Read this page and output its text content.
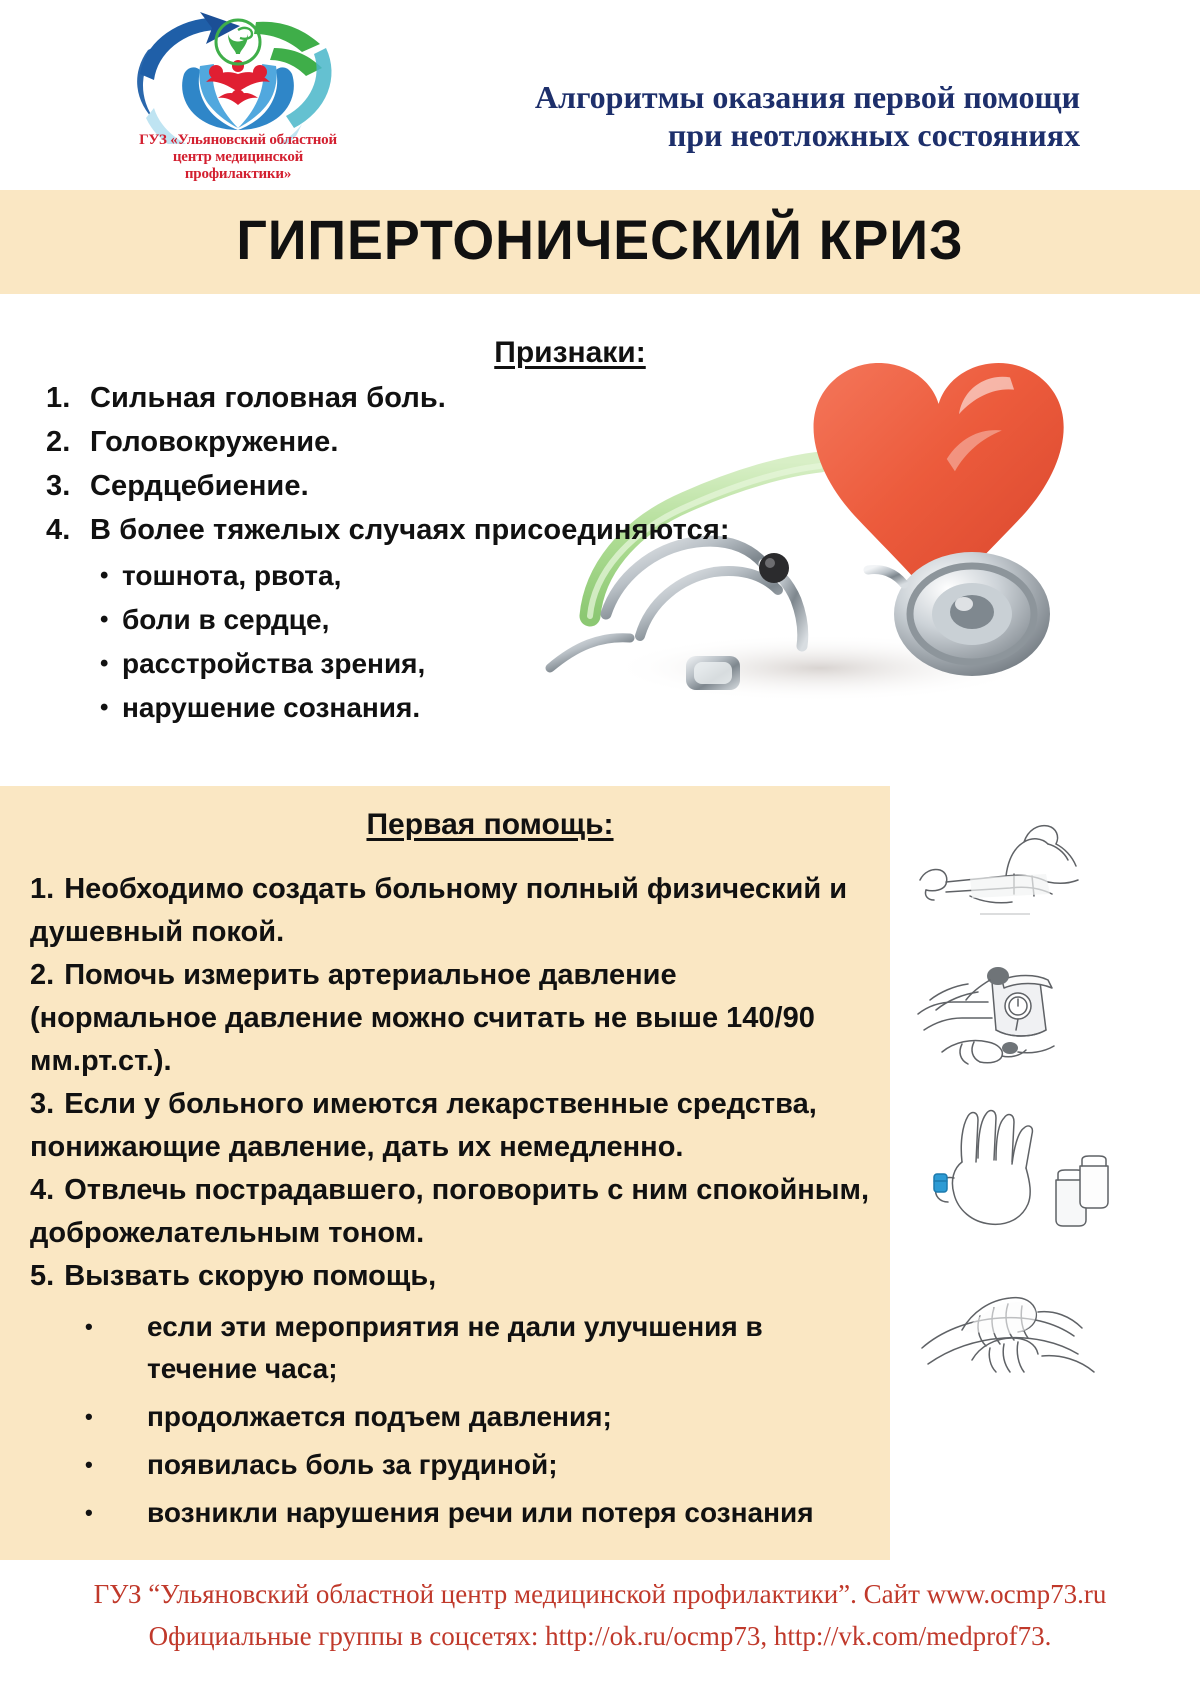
ГУЗ «Ульяновский областной
центр медицинской
профилактики»
Алгоритмы оказания первой помощи
при неотложных состояниях
ГИПЕРТОНИЧЕСКИЙ КРИЗ
Признаки:
1. Сильная головная боль.
2. Головокружение.
3. Сердцебиение.
4. В более тяжелых случаях присоединяются:
• тошнота, рвота,
• боли в сердце,
• расстройства зрения,
• нарушение сознания.
Первая помощь:
1. Необходимо создать больному полный физический и душевный покой.
2. Помочь измерить артериальное давление (нормальное давление можно считать не выше 140/90 мм.рт.ст.).
3. Если у больного имеются лекарственные средства, понижающие давление, дать их немедленно.
4. Отвлечь пострадавшего, поговорить с ним спокойным, доброжелательным тоном.
5. Вызвать скорую помощь,
•	если эти мероприятия не дали улучшения в течение часа;
•	продолжается подъем давления;
•	появилась боль за грудиной;
•	возникли нарушения речи или потеря сознания
ГУЗ “Ульяновский областной центр медицинской профилактики”. Сайт www.ocmp73.ru
Официальные группы в соцсетях: http://ok.ru/ocmp73, http://vk.com/medprof73.
